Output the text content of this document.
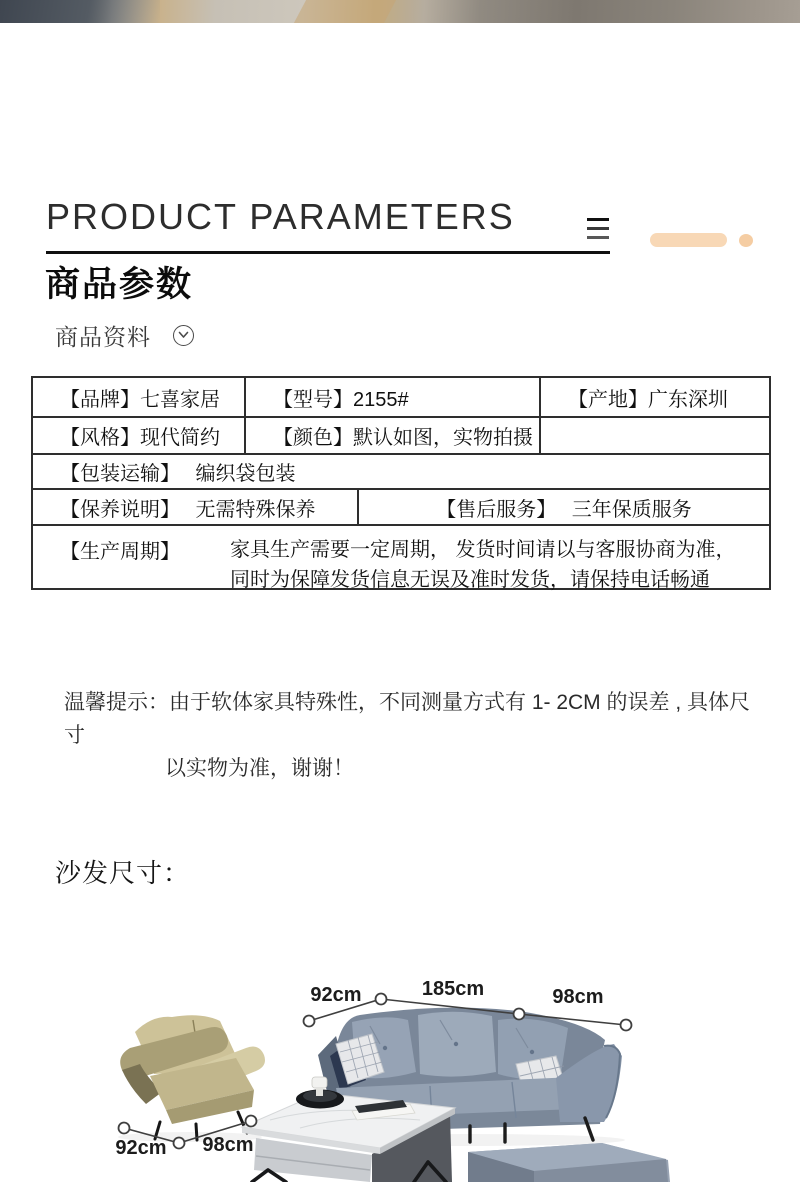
PRODUCT PARAMETERS
商品参数
商品资料
【品牌】七喜家居	【型号】2155#	【产地】广东深圳
【风格】现代简约	【颜色】默认如图，实物拍摄
【包装运输】　 编织袋包装
【保养说明】　 无需特殊保养	【售后服务】　 三年保质服务
【生产周期】	家具生产需要一定周期， 发货时间请以与客服协商为准，
同时为保障发货信息无误及准时发货，请保持电话畅通
温馨提示：由于软体家具特殊性，不同测量方式有 1- 2CM 的误差 , 具体尺寸
以实物为准，谢谢！
沙发尺寸：
92cm	185cm	98cm
92cm	98cm
